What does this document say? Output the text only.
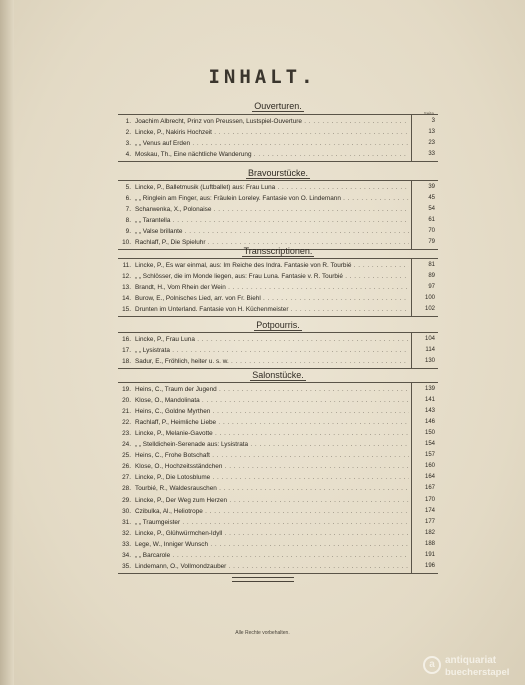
INHALT.
Seite
Ouverturen.
1. Joachim Albrecht, Prinz von Preussen, Lustspiel-Ouverture . . .	3
2. Lincke, P., Nakiris Hochzeit . . .	13
3. „ „ Venus auf Erden . . .	23
4. Moskau, Th., Eine nächtliche Wanderung . . .	33
Bravourstücke.
5. Lincke, P., Balletmusik (Luftballet) aus: Frau Luna . . .	39
6. „ „ Ringlein am Finger, aus: Fräulein Loreley. Fantasie von O. Lindemann . . .	45
7. Scharwenka, X., Polonaise . . .	54
8. „ „ Tarantella . . .	61
9. „ „ Valse brillante . . .	70
10. Rachlaff, P., Die Spieluhr . . .	79
Transscriptionen.
11. Lincke, P., Es war einmal, aus: Im Reiche des Indra. Fantasie von R. Tourbié . . .	81
12. „ „ Schlösser, die im Monde liegen, aus: Frau Luna. Fantasie v. R. Tourbié . . .	89
13. Brandt, H., Vom Rhein der Wein . . .	97
14. Burow, E., Polnisches Lied, arr. von Fr. Biehl . . .	100
15. Drunten im Unterland. Fantasie von H. Küchenmeister . . .	102
Potpourris.
16. Lincke, P., Frau Luna . . .	104
17. „ „ Lysistrata . . .	114
18. Sadur, E., Fröhlich, heiter u. s. w. . . .	130
Salonstücke.
19. Heins, C., Traum der Jugend . . .	139
20. Klose, O., Mandolinata . . .	141
21. Heins, C., Goldne Myrthen . . .	143
22. Rachlaff, P., Heimliche Liebe . . .	146
23. Lincke, P., Melanie-Gavotte . . .	150
24. „ „ Stelldichein-Serenade aus: Lysistrata . . .	154
25. Heins, C., Frohe Botschaft . . .	157
26. Klose, O., Hochzeitsständchen . . .	160
27. Lincke, P., Die Lotosblume . . .	164
28. Tourbié, R., Waldesrauschen . . .	167
29. Lincke, P., Der Weg zum Herzen . . .	170
30. Czibulka, Al., Heliotrope . . .	174
31. „ „ Traumgeister . . .	177
32. Lincke, P., Glühwürmchen-Idyll . . .	182
33. Lege, W., Inniger Wunsch . . .	188
34. „ „ Barcarole . . .	191
35. Lindemann, O., Vollmondzauber . . .	196
Alle Rechte vorbehalten.
a	antiquariat
buecherstapel
